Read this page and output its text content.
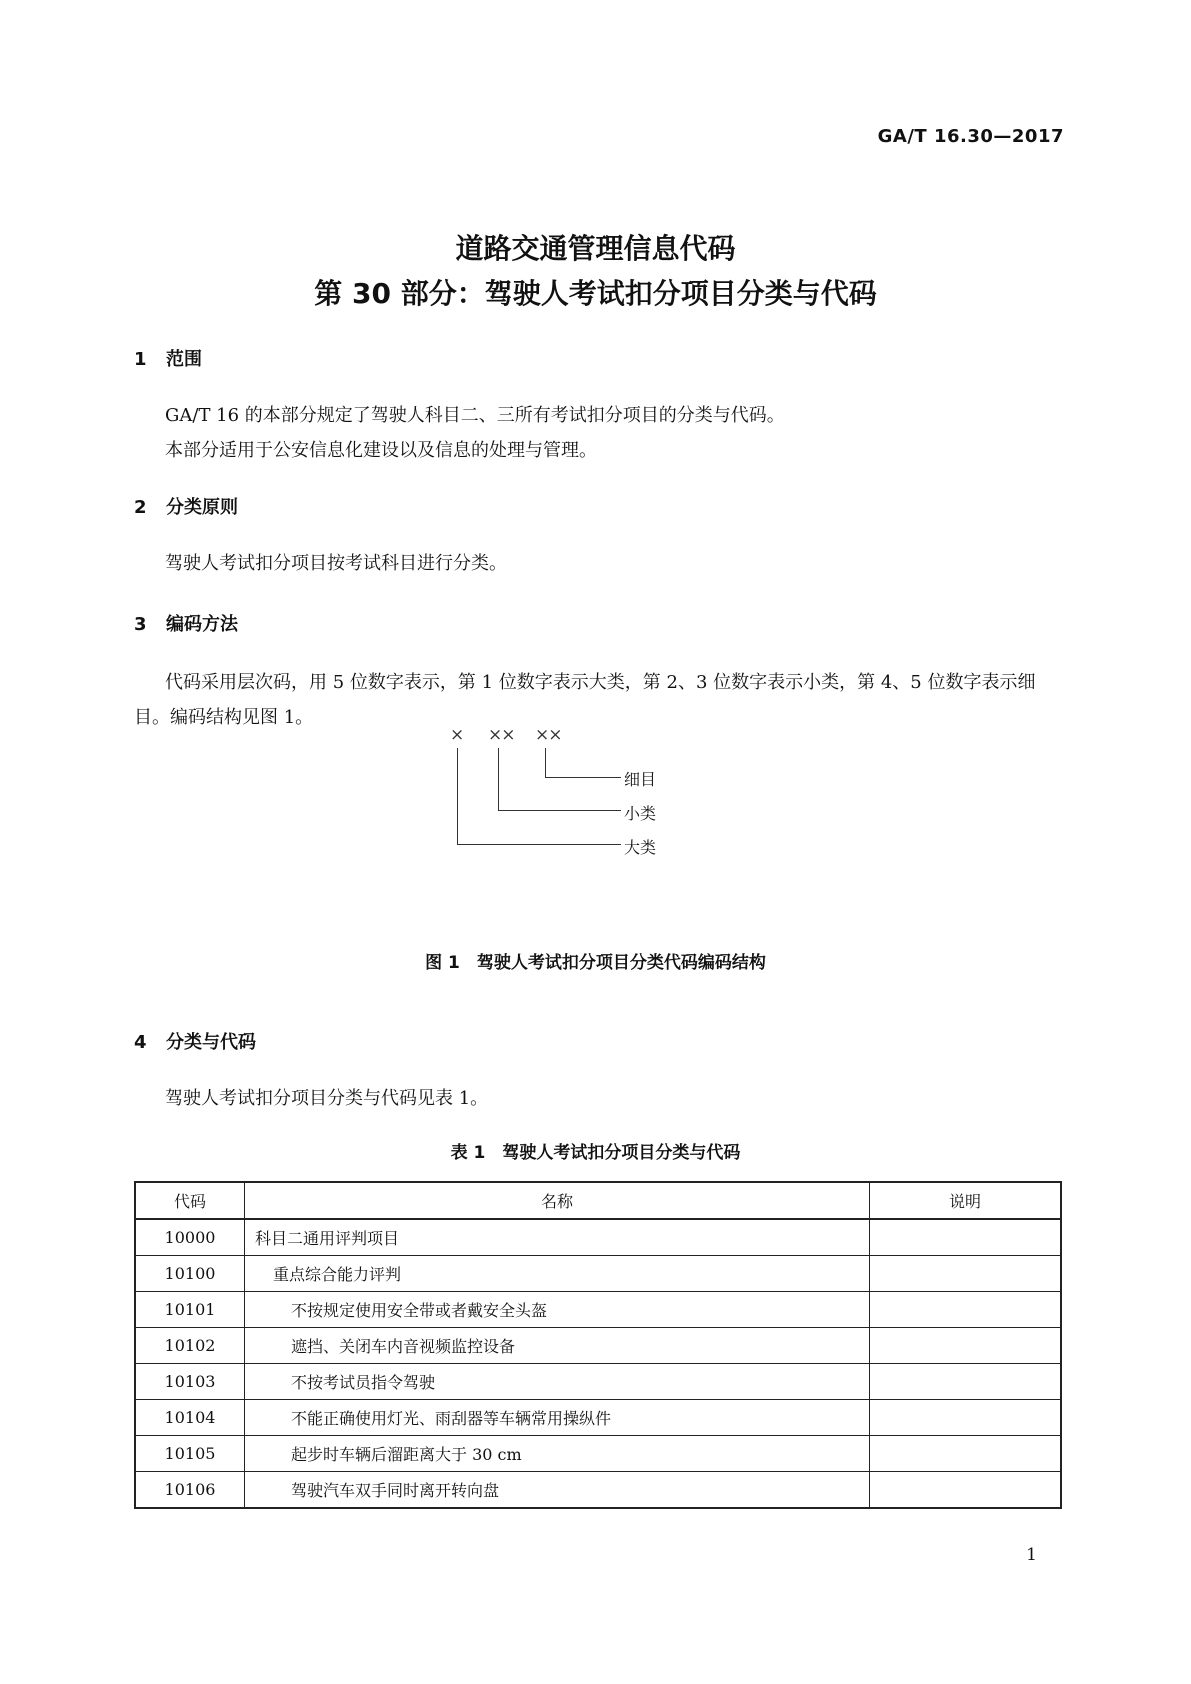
GA/T 16.30—2017
道路交通管理信息代码
第 30 部分：驾驶人考试扣分项目分类与代码
1 范围
GA/T 16 的本部分规定了驾驶人科目二、三所有考试扣分项目的分类与代码。
本部分适用于公安信息化建设以及信息的处理与管理。
2 分类原则
驾驶人考试扣分项目按考试科目进行分类。
3 编码方法
代码采用层次码，用 5 位数字表示，第 1 位数字表示大类，第 2、3 位数字表示小类，第 4、5 位数字表示细目。编码结构见图 1。
× ×× ××
细目
小类
大类
图 1　驾驶人考试扣分项目分类代码编码结构
4 分类与代码
驾驶人考试扣分项目分类与代码见表 1。
表 1　驾驶人考试扣分项目分类与代码
代码	名称	说明
10000	科目二通用评判项目	
10100	重点综合能力评判	
10101	不按规定使用安全带或者戴安全头盔	
10102	遮挡、关闭车内音视频监控设备	
10103	不按考试员指令驾驶	
10104	不能正确使用灯光、雨刮器等车辆常用操纵件	
10105	起步时车辆后溜距离大于 30 cm	
10106	驾驶汽车双手同时离开转向盘	
1
